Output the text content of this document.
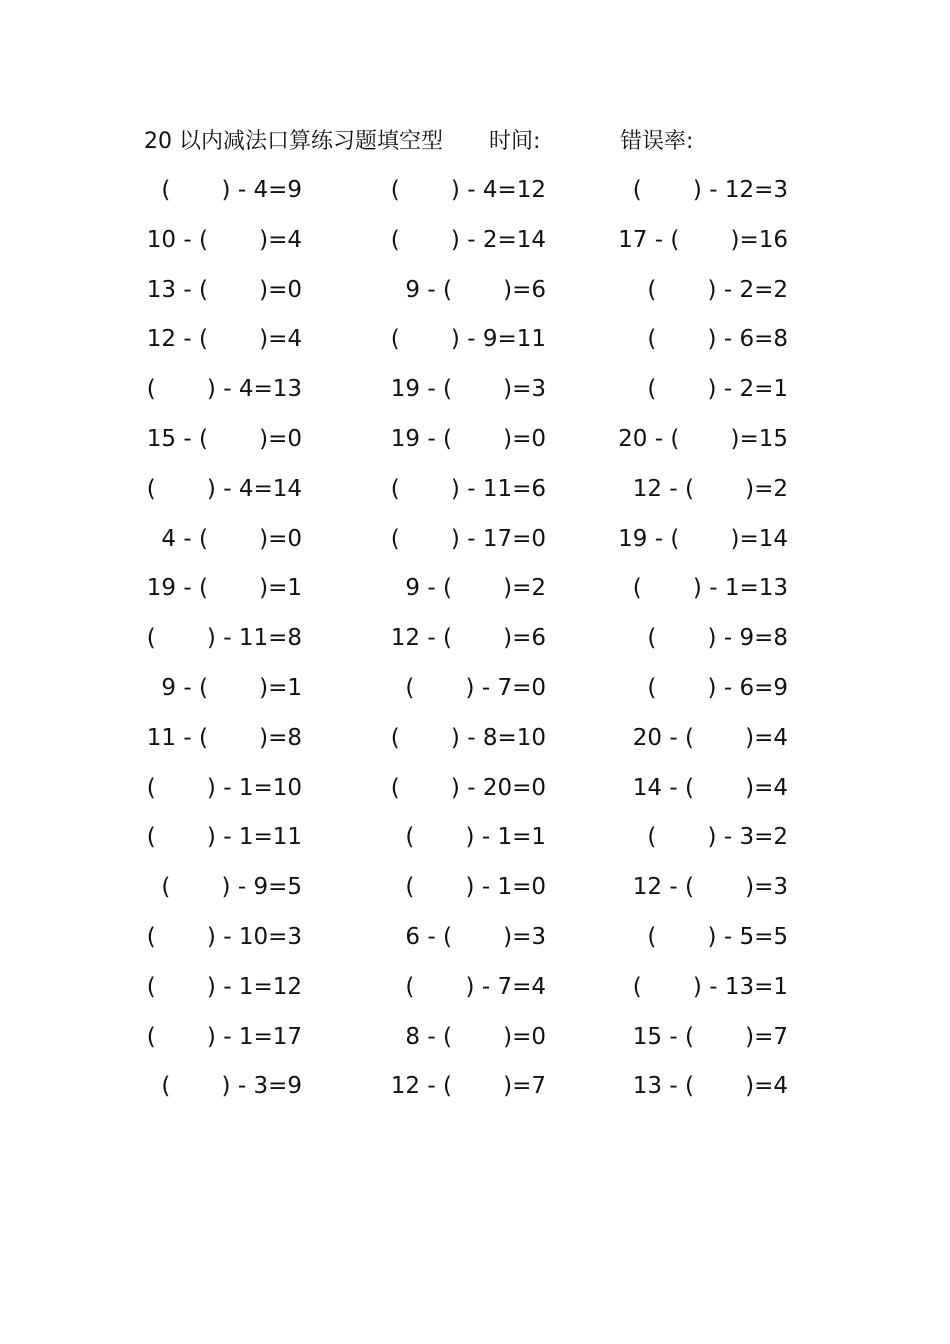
20 以内减法口算练习题填空型 时间:	错误率:
(       ) - 4=9	(       ) - 4=12	(       ) - 12=3
10 - (       )=4	(       ) - 2=14	17 - (       )=16
13 - (       )=0	9 - (       )=6	(       ) - 2=2
12 - (       )=4	(       ) - 9=11	(       ) - 6=8
(       ) - 4=13	19 - (       )=3	(       ) - 2=1
15 - (       )=0	19 - (       )=0	20 - (       )=15
(       ) - 4=14	(       ) - 11=6	12 - (       )=2
4 - (       )=0	(       ) - 17=0	19 - (       )=14
19 - (       )=1	9 - (       )=2	(       ) - 1=13
(       ) - 11=8	12 - (       )=6	(       ) - 9=8
9 - (       )=1	(       ) - 7=0	(       ) - 6=9
11 - (       )=8	(       ) - 8=10	20 - (       )=4
(       ) - 1=10	(       ) - 20=0	14 - (       )=4
(       ) - 1=11	(       ) - 1=1	(       ) - 3=2
(       ) - 9=5	(       ) - 1=0	12 - (       )=3
(       ) - 10=3	6 - (       )=3	(       ) - 5=5
(       ) - 1=12	(       ) - 7=4	(       ) - 13=1
(       ) - 1=17	8 - (       )=0	15 - (       )=7
(       ) - 3=9	12 - (       )=7	13 - (       )=4
